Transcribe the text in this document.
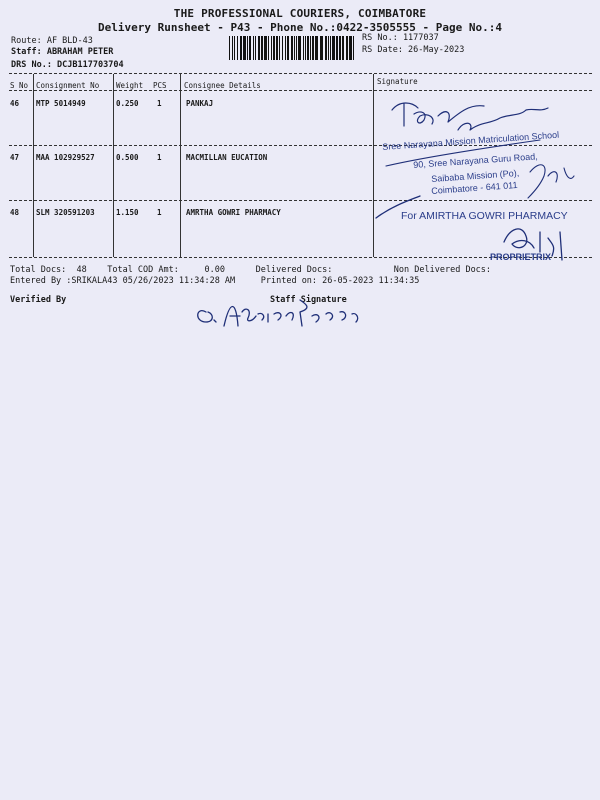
THE PROFESSIONAL COURIERS, COIMBATORE
Delivery Runsheet - P43 - Phone No.:0422-3505555 - Page No.:4
Route: AF BLD-43
Staff: ABRAHAM PETER
DRS No.: DCJB117703704
RS No.: 1177037
RS Date: 26-May-2023
S No Consignment No Weight PCS Consignee Details	Signature
46 MTP 5014949	0.250 1	PANKAJ
47 MAA 102929527	0.500 1	MACMILLAN EUCATION
48 SLM 320591203	1.150 1	AMRTHA GOWRI PHARMACY
Sree Narayana Mission Matriculation School
90, Sree Narayana Guru Road,
Saibaba Mission (Po),
Coimbatore - 641 011
For AMIRTHA GOWRI PHARMACY
PROPRIETRIX
Total Docs:  48    Total COD Amt:     0.00      Delivered Docs:            Non Delivered Docs:
Entered By :SRIKALA43 05/26/2023 11:34:28 AM     Printed on: 26-05-2023 11:34:35
Verified By	Staff Signature
